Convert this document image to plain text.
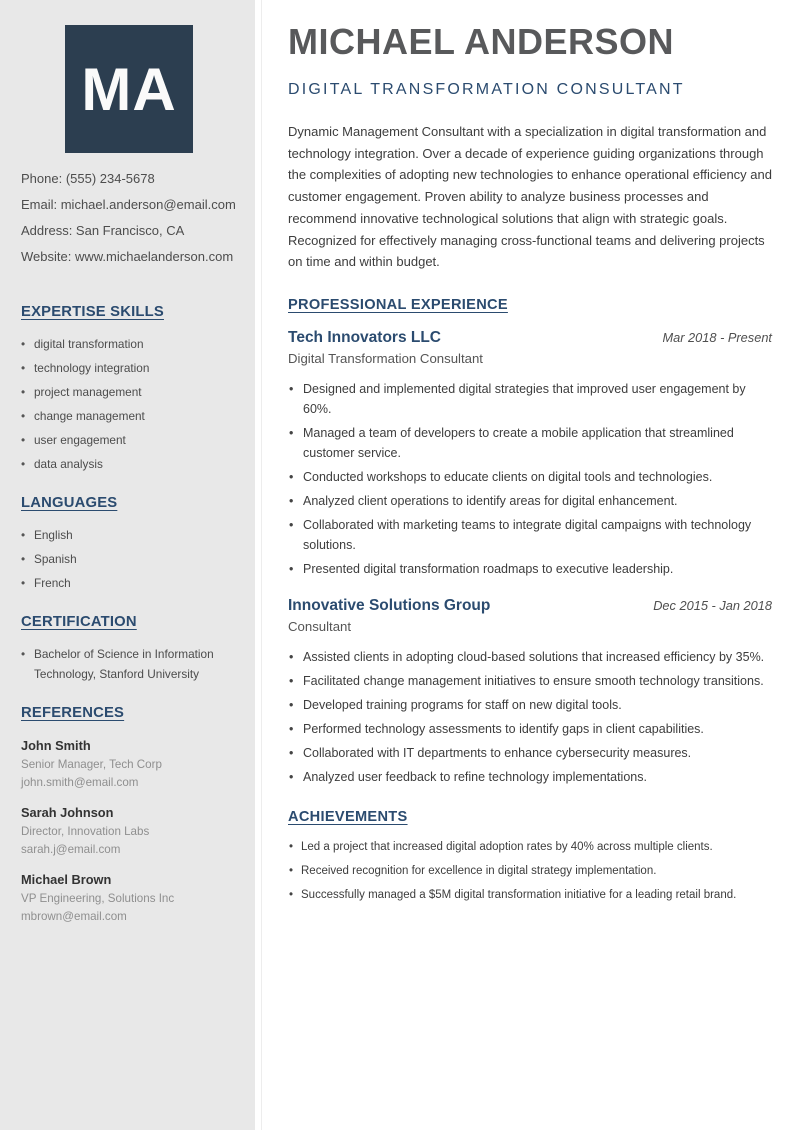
MA
Phone: (555) 234-5678
Email: michael.anderson@email.com
Address: San Francisco, CA
Website: www.michaelanderson.com
EXPERTISE SKILLS
• digital transformation
• technology integration
• project management
• change management
• user engagement
• data analysis
LANGUAGES
• English
• Spanish
• French
CERTIFICATION
• Bachelor of Science in Information Technology, Stanford University
REFERENCES
John Smith
Senior Manager, Tech Corp
john.smith@email.com
Sarah Johnson
Director, Innovation Labs
sarah.j@email.com
Michael Brown
VP Engineering, Solutions Inc
mbrown@email.com
MICHAEL ANDERSON
DIGITAL TRANSFORMATION CONSULTANT

Dynamic Management Consultant with a specialization in digital transformation and technology integration. Over a decade of experience guiding organizations through the complexities of adopting new technologies to enhance operational efficiency and customer engagement. Proven ability to analyze business processes and recommend innovative technological solutions that align with strategic goals. Recognized for effectively managing cross-functional teams and delivering projects on time and within budget.

PROFESSIONAL EXPERIENCE
Tech Innovators LLC	Mar 2018 - Present
Digital Transformation Consultant
• Designed and implemented digital strategies that improved user engagement by 60%.
• Managed a team of developers to create a mobile application that streamlined customer service.
• Conducted workshops to educate clients on digital tools and technologies.
• Analyzed client operations to identify areas for digital enhancement.
• Collaborated with marketing teams to integrate digital campaigns with technology solutions.
• Presented digital transformation roadmaps to executive leadership.
Innovative Solutions Group	Dec 2015 - Jan 2018
Consultant
• Assisted clients in adopting cloud-based solutions that increased efficiency by 35%.
• Facilitated change management initiatives to ensure smooth technology transitions.
• Developed training programs for staff on new digital tools.
• Performed technology assessments to identify gaps in client capabilities.
• Collaborated with IT departments to enhance cybersecurity measures.
• Analyzed user feedback to refine technology implementations.
ACHIEVEMENTS
• Led a project that increased digital adoption rates by 40% across multiple clients.
• Received recognition for excellence in digital strategy implementation.
• Successfully managed a $5M digital transformation initiative for a leading retail brand.
